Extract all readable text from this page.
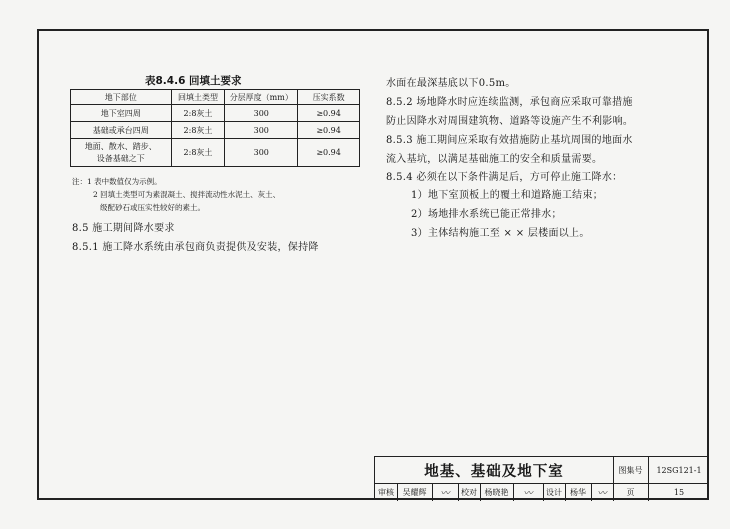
表8.4.6 回填土要求
地下部位	回填土类型	分层厚度（mm）	压实系数
地下室四周	2:8灰土	300	≥0.94
基础或承台四周	2:8灰土	300	≥0.94
地面、散水、踏步、
设备基础之下	2:8灰土	300	≥0.94
注：1 表中数值仅为示例。
2 回填土类型可为素混凝土、搅拌流动性水泥土、灰土、
级配砂石或压实性较好的素土。
8.5 施工期间降水要求
8.5.1 施工降水系统由承包商负责提供及安装，保持降
水面在最深基底以下0.5m。
8.5.2 场地降水时应连续监测，承包商应采取可靠措施
防止因降水对周围建筑物、道路等设施产生不利影响。
8.5.3 施工期间应采取有效措施防止基坑周围的地面水
流入基坑，以满足基础施工的安全和质量需要。
8.5.4 必须在以下条件满足后，方可停止施工降水：
1）地下室顶板上的覆土和道路施工结束；
2）场地排水系统已能正常排水；
3）主体结构施工至 × × 层楼面以上。
地基、基础及地下室	图集号	12SG121-1
审核	吴耀辉	〰	校对 杨晓艳	〰	设计	杨华	〰	页	15
